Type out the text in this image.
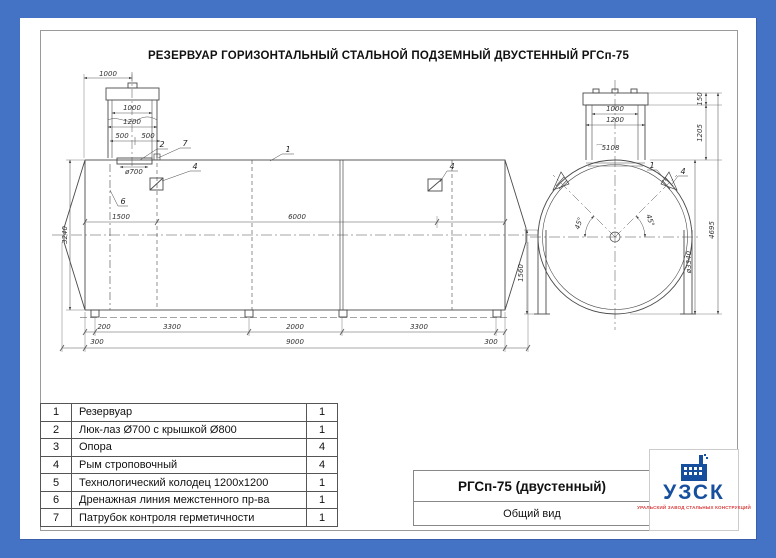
РЕЗЕРВУАР ГОРИЗОНТАЛЬНЫЙ СТАЛЬНОЙ ПОДЗЕМНЫЙ ДВУСТЕННЫЙ РГСп-75
1000
1000
1200
500 500
ø700
1500	6000
3240
200	3300	2000	3300
300	9000	300
1
2 7
4	4
6
1000
1200
⌒5108
45°	45°
150
1205
4695
ø3340
1560
1
4
1	Резервуар	1
2	Люк-лаз Ø700 с крышкой Ø800	1
3	Опора	4
4	Рым строповочный	4
5	Технологический колодец 1200х1200	1
6	Дренажная линия межстенного пр-ва	1
7	Патрубок контроля герметичности	1
РГСп-75 (двустенный)
Общий вид
УЗСК
УРАЛЬСКИЙ ЗАВОД СТАЛЬНЫХ КОНСТРУКЦИЙ
